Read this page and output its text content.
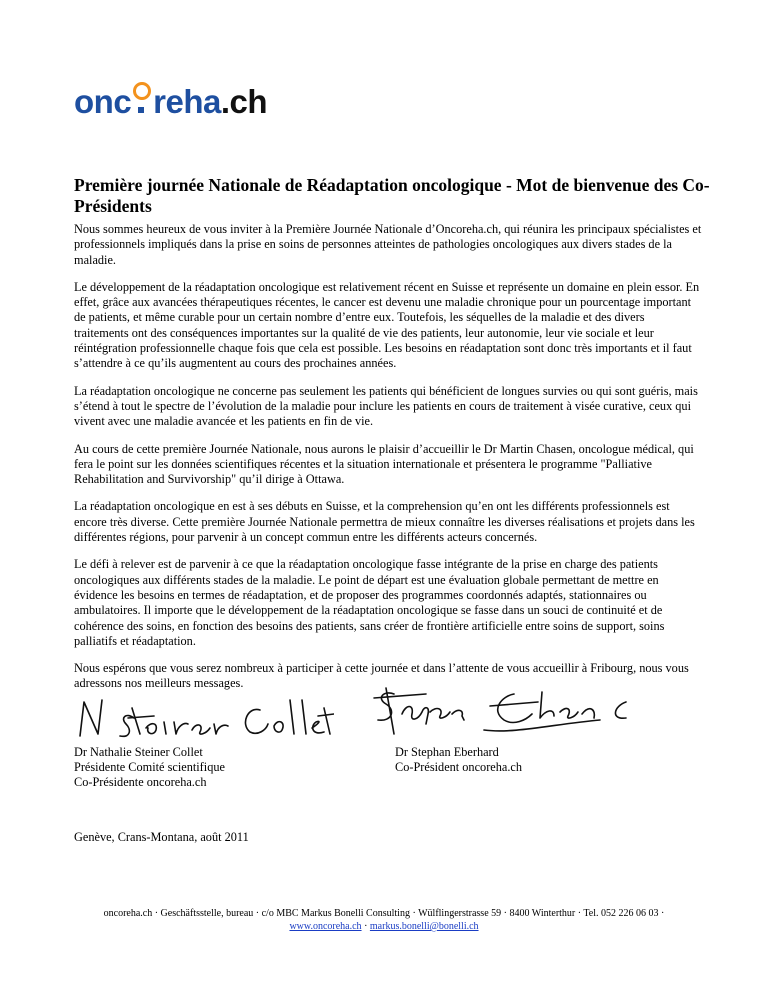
onc reha .ch
Première journée Nationale de Réadaptation oncologique - Mot de bienvenue des Co-Présidents

Nous sommes heureux de vous inviter à la Première Journée Nationale d’Oncoreha.ch, qui réunira les principaux spécialistes et professionnels impliqués dans la prise en soins de personnes atteintes de pathologies oncologiques aux divers stades de la maladie.

Le développement de la réadaptation oncologique est relativement récent en Suisse et représente un domaine en plein essor. En effet, grâce aux avancées thérapeutiques récentes, le cancer est devenu une maladie chronique pour un pourcentage important de patients, et même curable pour un certain nombre d’entre eux. Toutefois, les séquelles de la maladie et des divers traitements ont des conséquences importantes sur la qualité de vie des patients, leur autonomie, leur vie sociale et leur réintégration professionnelle chaque fois que cela est possible. Les besoins en réadaptation sont donc très importants et il faut s’attendre à ce qu’ils augmentent au cours des prochaines années.

La réadaptation oncologique ne concerne pas seulement les patients qui bénéficient de longues survies ou qui sont guéris, mais s’étend à tout le spectre de l’évolution de la maladie pour inclure les patients en cours de traitement à visée curative, ceux qui vivent avec une maladie avancée et les patients en fin de vie.

Au cours de cette première Journée Nationale, nous aurons le plaisir d’accueillir le Dr Martin Chasen, oncologue médical, qui fera le point sur les données scientifiques récentes et la situation internationale et présentera le programme "Palliative Rehabilitation and Survivorship" qu’il dirige à Ottawa.

La réadaptation oncologique en est à ses débuts en Suisse, et la comprehension qu’en ont les différents professionnels est encore très diverse. Cette première Journée Nationale permettra de mieux connaître les diverses réalisations et projets dans les différentes régions, pour parvenir à un concept commun entre les différents acteurs concernés.

Le défi à relever est de parvenir à ce que la réadaptation oncologique fasse intégrante de la prise en charge des patients oncologiques aux différents stades de la maladie. Le point de départ est une évaluation globale permettant de mettre en évidence les besoins en termes de réadaptation, et de proposer des programmes coordonnés adaptés, stationnaires ou ambulatoires. Il importe que le développement de la réadaptation oncologique se fasse dans un souci de continuité et de cohérence des soins, en fonction des besoins des patients, sans créer de frontière artificielle entre soins de support, soins palliatifs et réadaptation.

Nous espérons que vous serez nombreux à participer à cette journée et dans l’attente de vous accueillir à Fribourg, nous vous adressons nos meilleurs messages.

Dr Nathalie Steiner Collet
Présidente Comité scientifique
Co-Présidente oncoreha.ch
Dr Stephan Eberhard
Co-Président oncoreha.ch
Genève, Crans-Montana, août 2011
oncoreha.ch · Geschäftsstelle, bureau · c/o MBC Markus Bonelli Consulting · Wülflingerstrasse 59 · 8400 Winterthur · Tel. 052 226 06 03 ·
www.oncoreha.ch · markus.bonelli@bonelli.ch
